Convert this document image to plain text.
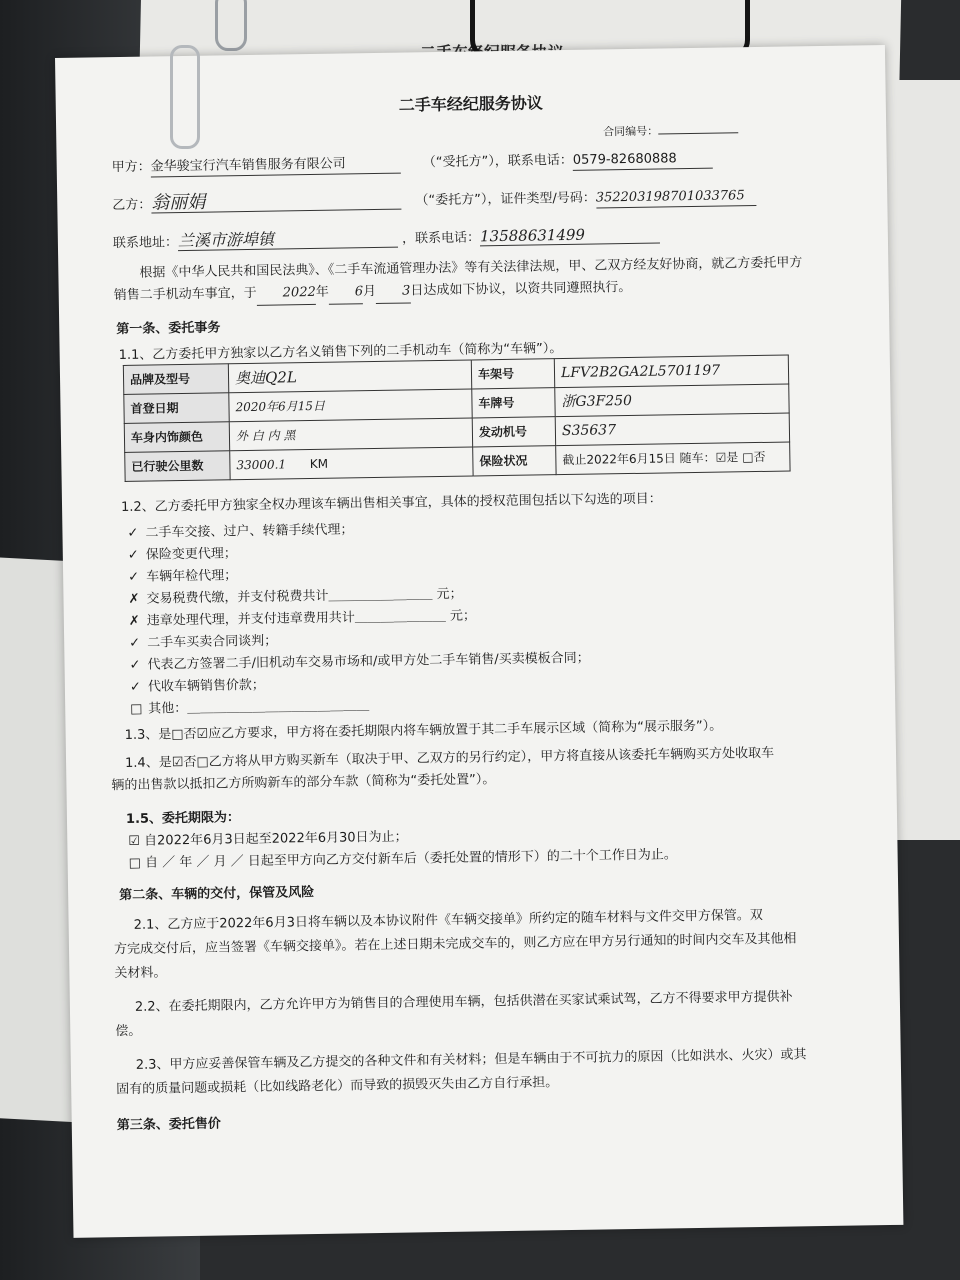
二手车经纪服务协议
合同编号：
甲方：金华骏宝行汽车销售服务有限公司	（“受托方”），联系电话：0579-82680888
乙方：翁丽娟	（“委托方”），证件类型/号码：352203198701033765
联系地址：兰溪市游埠镇	，联系电话：13588631499
根据《中华人民共和国民法典》、《二手车流通管理办法》等有关法律法规，甲、乙双方经友好协商，就乙方委托甲方销售二手机动车事宜，于 2022年 6月 3日达成如下协议，以资共同遵照执行。
第一条、委托事务
1.1、乙方委托甲方独家以乙方名义销售下列的二手机动车（简称为“车辆”）。
品牌及型号	奥迪Q2L	车架号	LFV2B2GA2L5701197
首登日期	2020年6月15日	车牌号	浙G3F250
车身内饰颜色	外 白 内 黑	发动机号	S35637
已行驶公里数	33000.1 KM	保险状况	截止2022年6月15日 随车：☑是 □否
1.2、乙方委托甲方独家全权办理该车辆出售相关事宜，具体的授权范围包括以下勾选的项目：
✓ 二手车交接、过户、转籍手续代理；
✓ 保险变更代理；
✓ 车辆年检代理；
✗ 交易税费代缴，并支付税费共计＿＿＿＿＿＿＿＿ 元；
✗ 违章处理代理，并支付违章费用共计＿＿＿＿＿＿＿ 元；
✓ 二手车买卖合同谈判；
✓ 代表乙方签署二手/旧机动车交易市场和/或甲方处二手车销售/买卖模板合同；
✓ 代收车辆销售价款；
□ 其他：＿＿＿＿＿＿＿＿＿＿＿＿＿＿
1.3、是□否☑应乙方要求，甲方将在委托期限内将车辆放置于其二手车展示区域（简称为“展示服务”）。
1.4、是☑否□乙方将从甲方购买新车（取决于甲、乙双方的另行约定），甲方将直接从该委托车辆购买方处收取车
辆的出售款以抵扣乙方所购新车的部分车款（简称为“委托处置”）。
1.5、委托期限为：
☑ 自2022年6月3日起至2022年6月30日为止；
□ 自 ／ 年 ／ 月 ／ 日起至甲方向乙方交付新车后（委托处置的情形下）的二十个工作日为止。
第二条、车辆的交付，保管及风险
2.1、乙方应于2022年6月3日将车辆以及本协议附件《车辆交接单》所约定的随车材料与文件交甲方保管。双
方完成交付后，应当签署《车辆交接单》。若在上述日期未完成交车的，则乙方应在甲方另行通知的时间内交车及其他相
关材料。
2.2、在委托期限内，乙方允许甲方为销售目的合理使用车辆，包括供潜在买家试乘试驾，乙方不得要求甲方提供补
偿。
2.3、甲方应妥善保管车辆及乙方提交的各种文件和有关材料；但是车辆由于不可抗力的原因（比如洪水、火灾）或其
固有的质量问题或损耗（比如线路老化）而导致的损毁灭失由乙方自行承担。
第三条、委托售价
